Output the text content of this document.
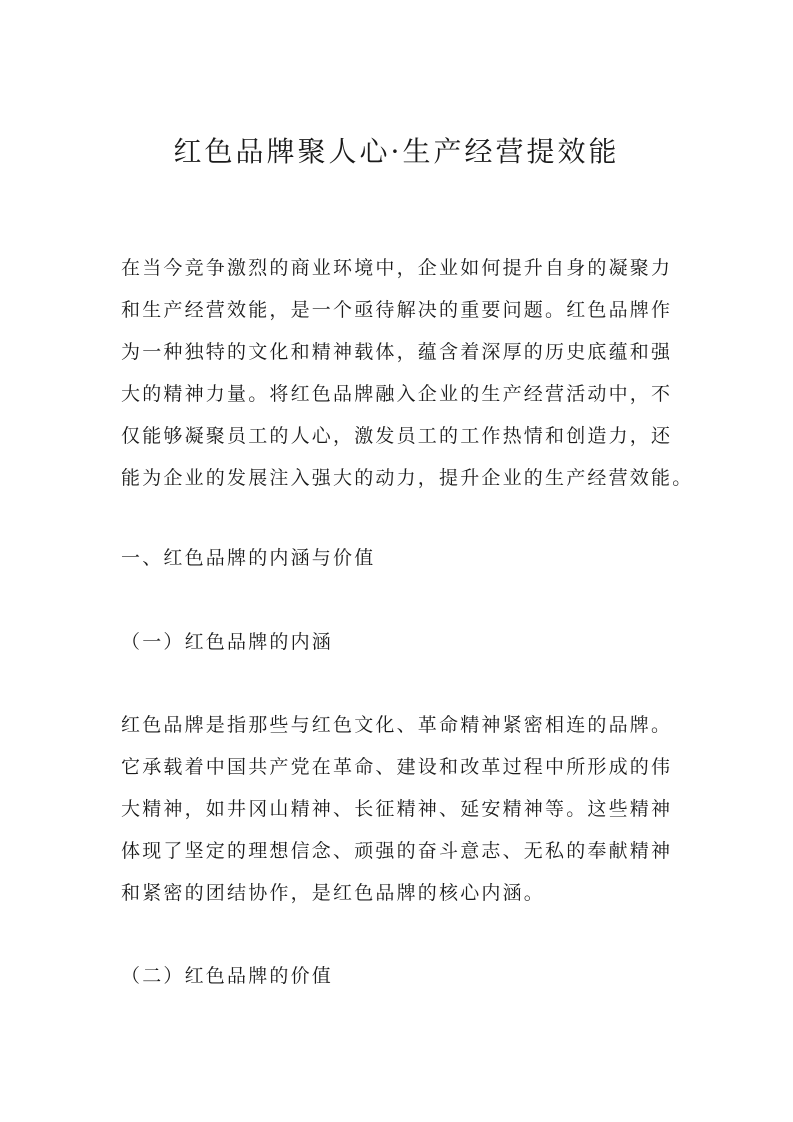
红色品牌聚人心·生产经营提效能
在当今竞争激烈的商业环境中，企业如何提升自身的凝聚力
和生产经营效能，是一个亟待解决的重要问题。红色品牌作
为一种独特的文化和精神载体，蕴含着深厚的历史底蕴和强
大的精神力量。将红色品牌融入企业的生产经营活动中，不
仅能够凝聚员工的人心，激发员工的工作热情和创造力，还
能为企业的发展注入强大的动力，提升企业的生产经营效能。
一、红色品牌的内涵与价值
（一）红色品牌的内涵
红色品牌是指那些与红色文化、革命精神紧密相连的品牌。
它承载着中国共产党在革命、建设和改革过程中所形成的伟
大精神，如井冈山精神、长征精神、延安精神等。这些精神
体现了坚定的理想信念、顽强的奋斗意志、无私的奉献精神
和紧密的团结协作，是红色品牌的核心内涵。
（二）红色品牌的价值
